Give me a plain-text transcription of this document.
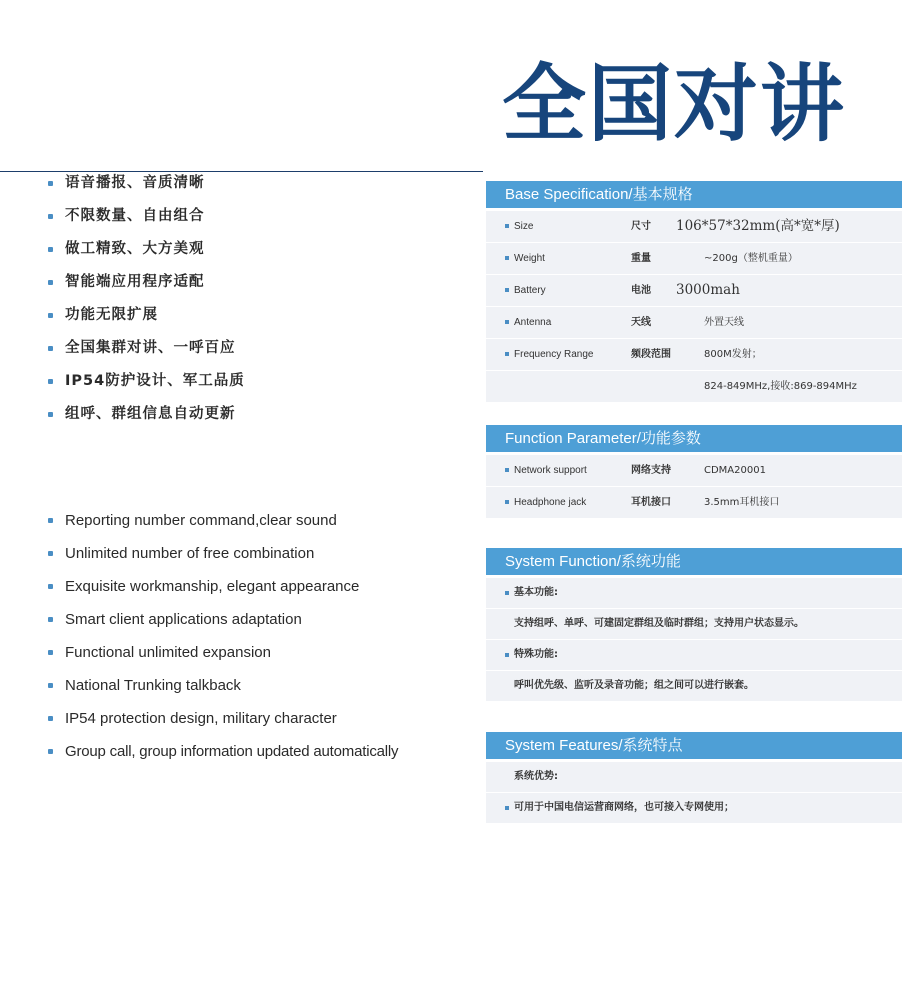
全国对讲
语音播报、音质清晰
不限数量、自由组合
做工精致、大方美观
智能端应用程序适配
功能无限扩展
全国集群对讲、一呼百应
IP54防护设计、军工品质
组呼、群组信息自动更新
Reporting number command,clear sound
Unlimited number of free combination
Exquisite workmanship, elegant appearance
Smart client applications adaptation
Functional unlimited expansion
National Trunking talkback
IP54 protection design, military character
Group call, group information updated automatically
Base Specification/基本规格
Size	尺寸 106*57*32mm(高*宽*厚)
Weight	重量	~200g（整机重量）
Battery	电池 3000mah
Antenna	天线	外置天线
Frequency Range	频段范围	800M发射；
824-849MHz,接收:869-894MHz
Function Parameter/功能参数
Network support	网络支持	CDMA20001
Headphone jack	耳机接口	3.5mm耳机接口
System Function/系统功能
基本功能:
支持组呼、单呼、可建固定群组及临时群组；支持用户状态显示。
特殊功能:
呼叫优先级、监听及录音功能；组之间可以进行嵌套。
System Features/系统特点
系统优势:
可用于中国电信运营商网络，也可接入专网使用；
